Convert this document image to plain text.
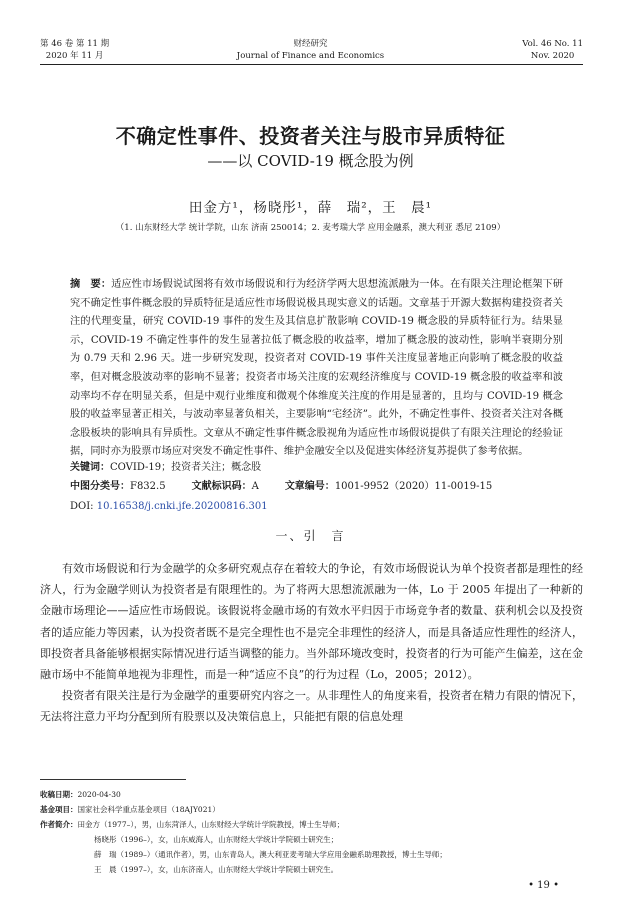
第 46 卷 第 11 期
2020 年 11 月
财经研究
Journal of Finance and Economics
Vol. 46 No. 11
Nov. 2020
不确定性事件、投资者关注与股市异质特征
——以 COVID-19 概念股为例
田金方¹，杨晓彤¹，薛　瑞²，王　晨¹
（1. 山东财经大学 统计学院，山东 济南 250014；2. 麦考瑞大学 应用金融系，澳大利亚 悉尼 2109）
摘　要：适应性市场假说试图将有效市场假说和行为经济学两大思想流派融为一体。在有限关注理论框架下研究不确定性事件概念股的异质特征是适应性市场假说极具现实意义的话题。文章基于开源大数据构建投资者关注的代理变量，研究 COVID-19 事件的发生及其信息扩散影响 COVID-19 概念股的异质特征行为。结果显示，COVID-19 不确定性事件的发生显著拉低了概念股的收益率，增加了概念股的波动性，影响半衰期分别为 0.79 天和 2.96 天。进一步研究发现，投资者对 COVID-19 事件关注度显著地正向影响了概念股的收益率，但对概念股波动率的影响不显著；投资者市场关注度的宏观经济维度与 COVID-19 概念股的收益率和波动率均不存在明显关系，但是中观行业维度和微观个体维度关注度的作用是显著的，且均与 COVID-19 概念股的收益率显著正相关，与波动率显著负相关，主要影响“宅经济”。此外，不确定性事件、投资者关注对各概念股板块的影响具有异质性。文章从不确定性事件概念股视角为适应性市场假说提供了有限关注理论的经验证据，同时亦为股票市场应对突发不确定性事件、维护金融安全以及促进实体经济复苏提供了参考依据。
关键词：COVID-19；投资者关注；概念股
中图分类号：F832.5	文献标识码：A	文章编号：1001-9952（2020）11-0019-15
DOI: 10.16538/j.cnki.jfe.20200816.301
一、引　言

有效市场假说和行为金融学的众多研究观点存在着较大的争论，有效市场假说认为单个投资者都是理性的经济人，行为金融学则认为投资者是有限理性的。为了将两大思想流派融为一体，Lo 于 2005 年提出了一种新的金融市场理论——适应性市场假说。该假说将金融市场的有效水平归因于市场竞争者的数量、获利机会以及投资者的适应能力等因素，认为投资者既不是完全理性也不是完全非理性的经济人，而是具备适应性理性的经济人，即投资者具备能够根据实际情况进行适当调整的能力。当外部环境改变时，投资者的行为可能产生偏差，这在金融市场中不能简单地视为非理性，而是一种“适应不良”的行为过程（Lo，2005；2012）。

投资者有限关注是行为金融学的重要研究内容之一。从非理性人的角度来看，投资者在精力有限的情况下，无法将注意力平均分配到所有股票以及决策信息上，只能把有限的信息处理

收稿日期：2020-04-30
基金项目：国家社会科学重点基金项目（18AJY021）
作者简介：田金方（1977–），男，山东菏泽人，山东财经大学统计学院教授，博士生导师；
杨晓彤（1996–），女，山东威海人，山东财经大学统计学院硕士研究生；
薛　瑞（1989–）（通讯作者），男，山东青岛人，澳大利亚麦考瑞大学应用金融系助理教授，博士生导师；
王　晨（1997–），女，山东济南人，山东财经大学统计学院硕士研究生。
• 19 •
